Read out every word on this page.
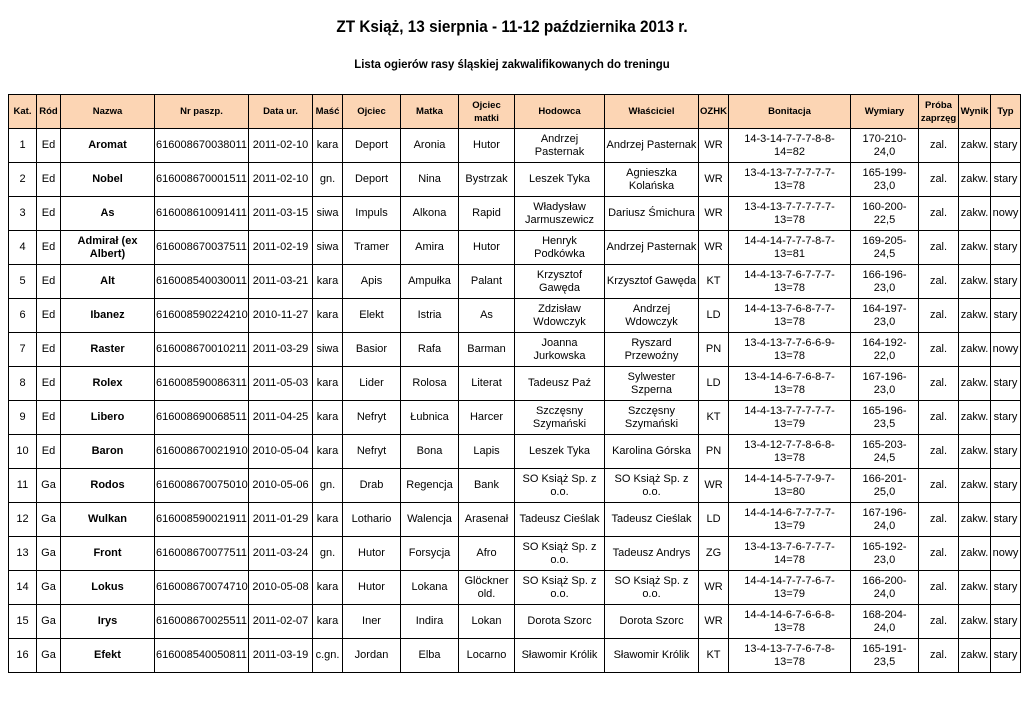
ZT Książ, 13 sierpnia - 11-12 października 2013 r.
Lista ogierów rasy śląskiej zakwalifikowanych do treningu
Kat.	Ród	Nazwa	Nr paszp.	Data ur.	Maść	Ojciec	Matka	Ojciec matki	Hodowca	Właściciel	OZHK	Bonitacja	Wymiary	Próba zaprzęg	Wynik	Typ
1	Ed	Aromat	616008670038011	2011-02-10	kara	Deport	Aronia	Hutor	Andrzej Pasternak	Andrzej Pasternak	WR	14-3-14-7-7-7-8-8-14=82	170-210-24,0	zal.	zakw.	stary
2	Ed	Nobel	616008670001511	2011-02-10	gn.	Deport	Nina	Bystrzak	Leszek Tyka	Agnieszka Kolańska	WR	13-4-13-7-7-7-7-7-13=78	165-199-23,0	zal.	zakw.	stary
3	Ed	As	616008610091411	2011-03-15	siwa	Impuls	Alkona	Rapid	Władysław Jarmuszewicz	Dariusz Śmichura	WR	13-4-13-7-7-7-7-7-13=78	160-200-22,5	zal.	zakw.	nowy
4	Ed	Admirał (ex Albert)	616008670037511	2011-02-19	siwa	Tramer	Amira	Hutor	Henryk Podkówka	Andrzej Pasternak	WR	14-4-14-7-7-7-8-7-13=81	169-205-24,5	zal.	zakw.	stary
5	Ed	Alt	616008540030011	2011-03-21	kara	Apis	Ampułka	Palant	Krzysztof Gawęda	Krzysztof Gawęda	KT	14-4-13-7-6-7-7-7-13=78	166-196-23,0	zal.	zakw.	stary
6	Ed	Ibanez	616008590224210	2010-11-27	kara	Elekt	Istria	As	Zdzisław Wdowczyk	Andrzej Wdowczyk	LD	14-4-13-7-6-8-7-7-13=78	164-197-23,0	zal.	zakw.	stary
7	Ed	Raster	616008670010211	2011-03-29	siwa	Basior	Rafa	Barman	Joanna Jurkowska	Ryszard Przewoźny	PN	13-4-13-7-7-6-6-9-13=78	164-192-22,0	zal.	zakw.	nowy
8	Ed	Rolex	616008590086311	2011-05-03	kara	Lider	Rolosa	Literat	Tadeusz Paź	Sylwester Szperna	LD	13-4-14-6-7-6-8-7-13=78	167-196-23,0	zal.	zakw.	stary
9	Ed	Libero	616008690068511	2011-04-25	kara	Nefryt	Łubnica	Harcer	Szczęsny Szymański	Szczęsny Szymański	KT	14-4-13-7-7-7-7-7-13=79	165-196-23,5	zal.	zakw.	stary
10	Ed	Baron	616008670021910	2010-05-04	kara	Nefryt	Bona	Lapis	Leszek Tyka	Karolina Górska	PN	13-4-12-7-7-8-6-8-13=78	165-203-24,5	zal.	zakw.	stary
11	Ga	Rodos	616008670075010	2010-05-06	gn.	Drab	Regencja	Bank	SO Książ Sp. z o.o.	SO Książ Sp. z o.o.	WR	14-4-14-5-7-7-9-7-13=80	166-201-25,0	zal.	zakw.	stary
12	Ga	Wulkan	616008590021911	2011-01-29	kara	Lothario	Walencja	Arasenał	Tadeusz Cieślak	Tadeusz Cieślak	LD	14-4-14-6-7-7-7-7-13=79	167-196-24,0	zal.	zakw.	stary
13	Ga	Front	616008670077511	2011-03-24	gn.	Hutor	Forsycja	Afro	SO Książ Sp. z o.o.	Tadeusz Andrys	ZG	13-4-13-7-6-7-7-7-14=78	165-192-23,0	zal.	zakw.	nowy
14	Ga	Lokus	616008670074710	2010-05-08	kara	Hutor	Lokana	Glöckner old.	SO Książ Sp. z o.o.	SO Książ Sp. z o.o.	WR	14-4-14-7-7-7-6-7-13=79	166-200-24,0	zal.	zakw.	stary
15	Ga	Irys	616008670025511	2011-02-07	kara	Iner	Indira	Lokan	Dorota Szorc	Dorota Szorc	WR	14-4-14-6-7-6-6-8-13=78	168-204-24,0	zal.	zakw.	stary
16	Ga	Efekt	616008540050811	2011-03-19	c.gn.	Jordan	Elba	Locarno	Sławomir Królik	Sławomir Królik	KT	13-4-13-7-7-6-7-8-13=78	165-191-23,5	zal.	zakw.	stary
